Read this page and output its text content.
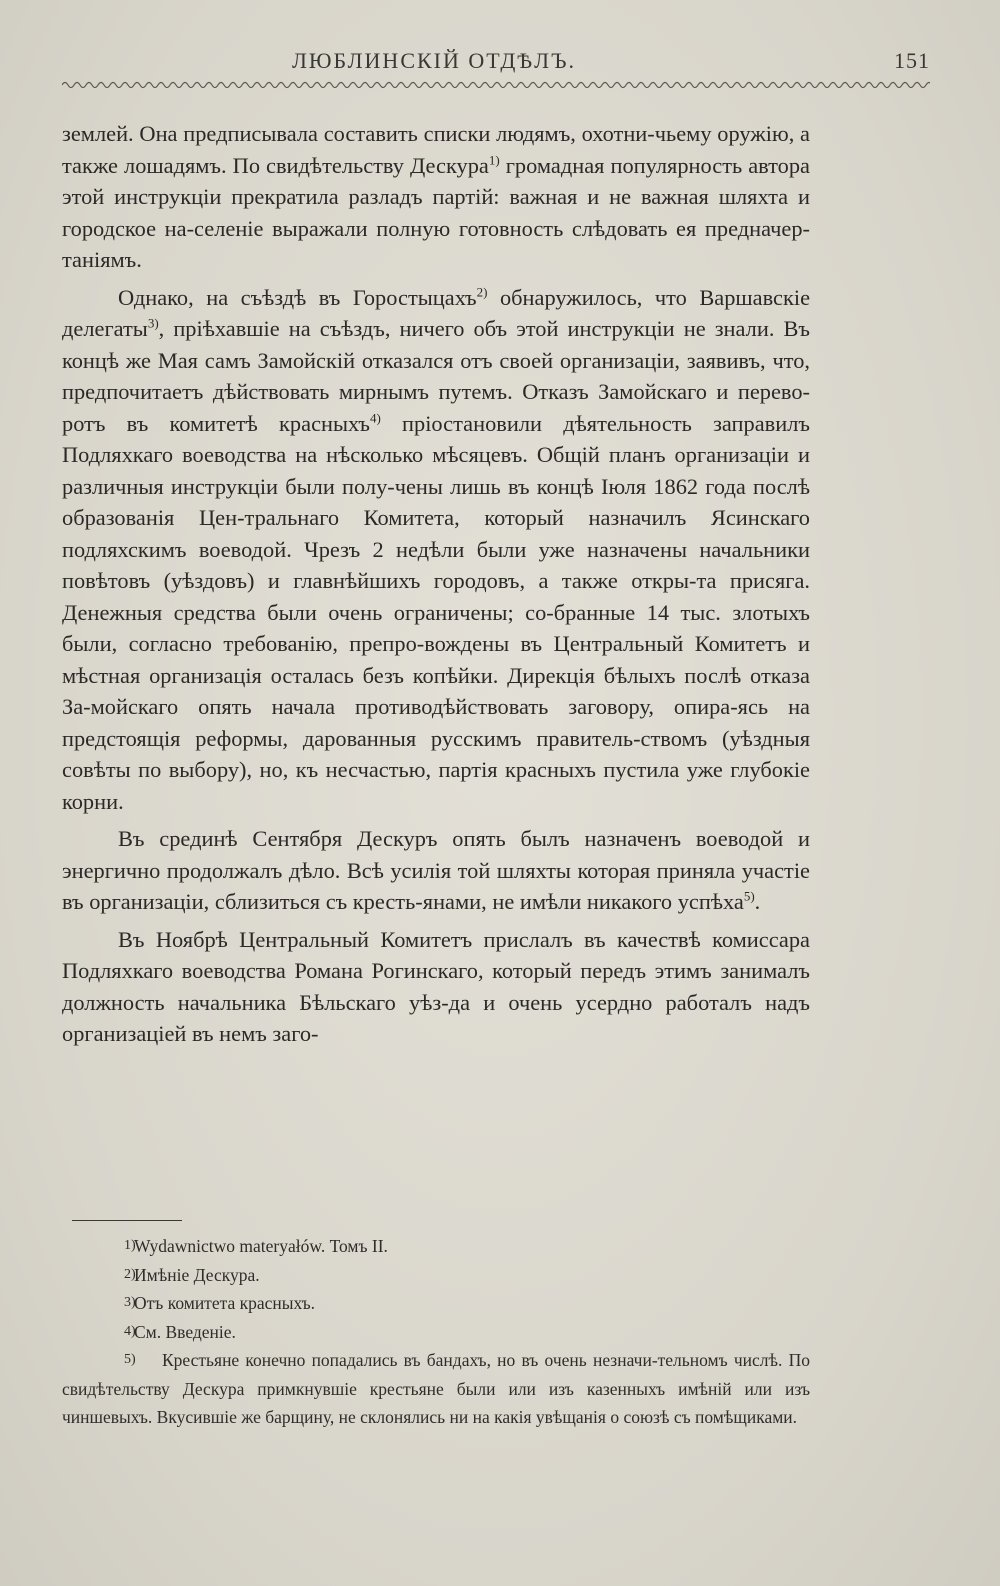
ЛЮБЛИНСКІЙ ОТДѢЛЪ.	151

землей. Она предписывала составить списки людямъ, охотни-чьему оружію, а также лошадямъ. По свидѣтельству Дескура$^{1)}$ громадная популярность автора этой инструкціи прекратила разладъ партій: важная и не важная шляхта и городское на-селеніе выражали полную готовность слѣдовать ея предначер-таніямъ.

Однако, на съѣздѣ въ Горостыцахъ$^{2)}$ обнаружилось, что Варшавскіе делегаты$^{3)}$, пріѣхавшіе на съѣздъ, ничего объ этой инструкціи не знали. Въ концѣ же Мая самъ Замойскій отказался отъ своей организаціи, заявивъ, что, предпочитаетъ дѣйствовать мирнымъ путемъ. Отказъ Замойскаго и перево-ротъ въ комитетѣ красныхъ$^{4)}$ пріостановили дѣятельность заправилъ Подляхкаго воеводства на нѣсколько мѣсяцевъ. Общій планъ организаціи и различныя инструкціи были полу-чены лишь въ концѣ Іюля 1862 года послѣ образованія Цен-тральнаго Комитета, который назначилъ Ясинскаго подляхскимъ воеводой. Чрезъ 2 недѣли были уже назначены начальники повѣтовъ (уѣздовъ) и главнѣйшихъ городовъ, а также откры-та присяга. Денежныя средства были очень ограничены; со-бранные 14 тыс. злотыхъ были, согласно требованію, препро-вождены въ Центральный Комитетъ и мѣстная организація осталась безъ копѣйки. Дирекція бѣлыхъ послѣ отказа За-мойскаго опять начала противодѣйствовать заговору, опира-ясь на предстоящія реформы, дарованныя русскимъ правитель-ствомъ (уѣздныя совѣты по выбору), но, къ несчастью, партія красныхъ пустила уже глубокіе корни.

Въ срединѣ Сентября Дескуръ опять былъ назначенъ воеводой и энергично продолжалъ дѣло. Всѣ усилія той шляхты которая приняла участіе въ организаціи, сблизиться съ кресть-янами, не имѣли никакого успѣха$^{5)}$.

Въ Ноябрѣ Центральный Комитетъ прислалъ въ качествѣ комиссара Подляхкаго воеводства Романа Рогинскаго, который передъ этимъ занималъ должность начальника Бѣльскаго уѣз-да и очень усердно работалъ надъ организаціей въ немъ заго-

1)
Wydawnictwo materyałów. Томъ II.
2)
Имѣніе Дескура.
3)
Отъ комитета красныхъ.
4)
См. Введеніе.
5) Крестьяне конечно попадались въ бандахъ, но въ очень незначи-тельномъ числѣ. По свидѣтельству Дескура примкнувшіе крестьяне были или изъ казенныхъ имѣній или изъ чиншевыхъ. Вкусившіе же барщину, не склонялись ни на какія увѣщанія о союзѣ съ помѣщиками.
